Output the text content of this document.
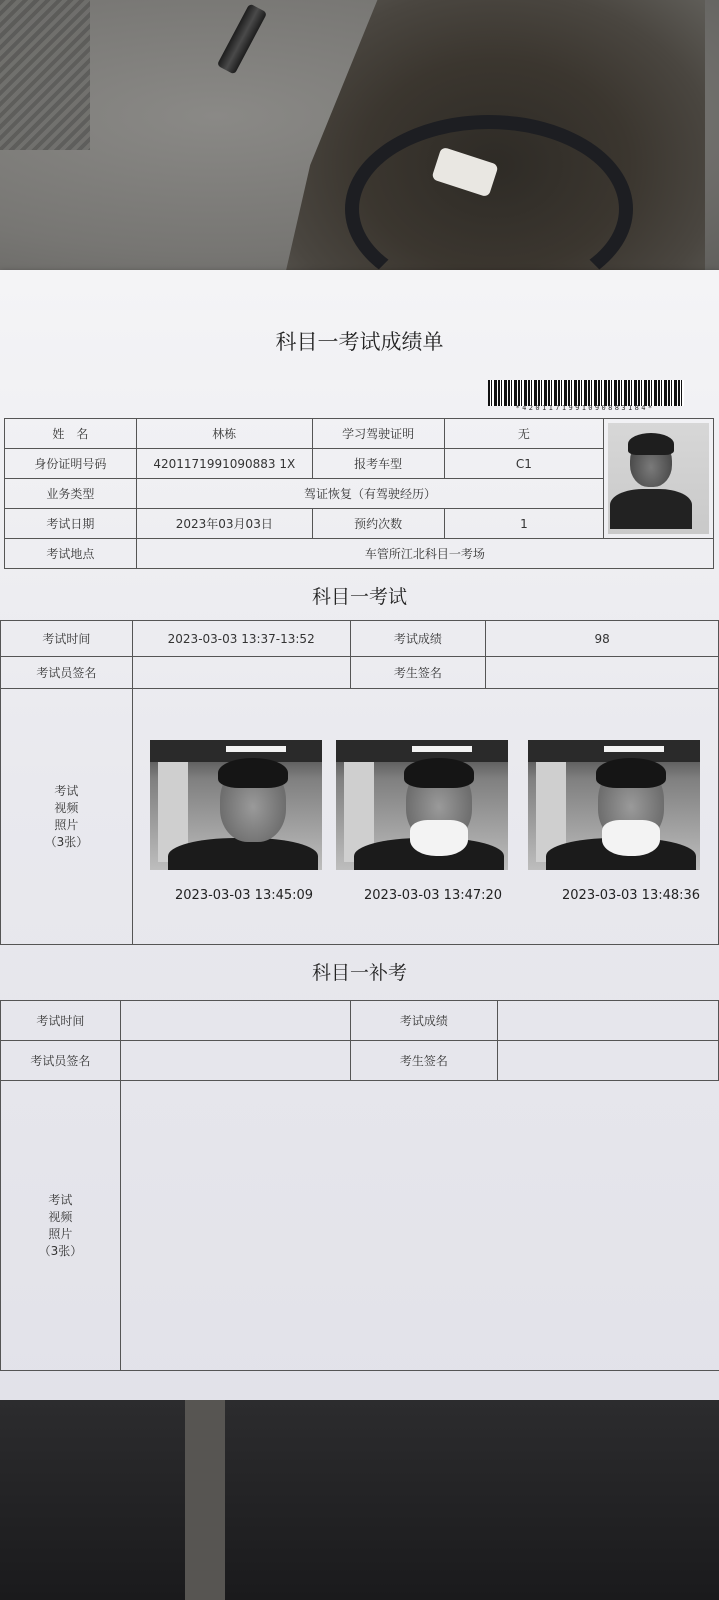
科目一考试成绩单
*4201171991090883184*
姓　名	林栋	学习驾驶证明	无	

身份证明号码	4201171991090883 1X	报考车型	C1	
业务类型	驾证恢复（有驾驶经历）			
考试日期	2023年03月03日	预约次数	1	
考试地点	车管所江北科目一考场			
科目一考试
考试时间	2023-03-03 13:37-13:52	考试成绩	98
考试员签名		考生签名	

考试
视频
照片
（3张）			

2023-03-03 13:45:09	2023-03-03 13:47:20	2023-03-03 13:48:36
科目一补考
考试时间		考试成绩	
考试员签名		考生签名	

考试
视频
照片
（3张）			
